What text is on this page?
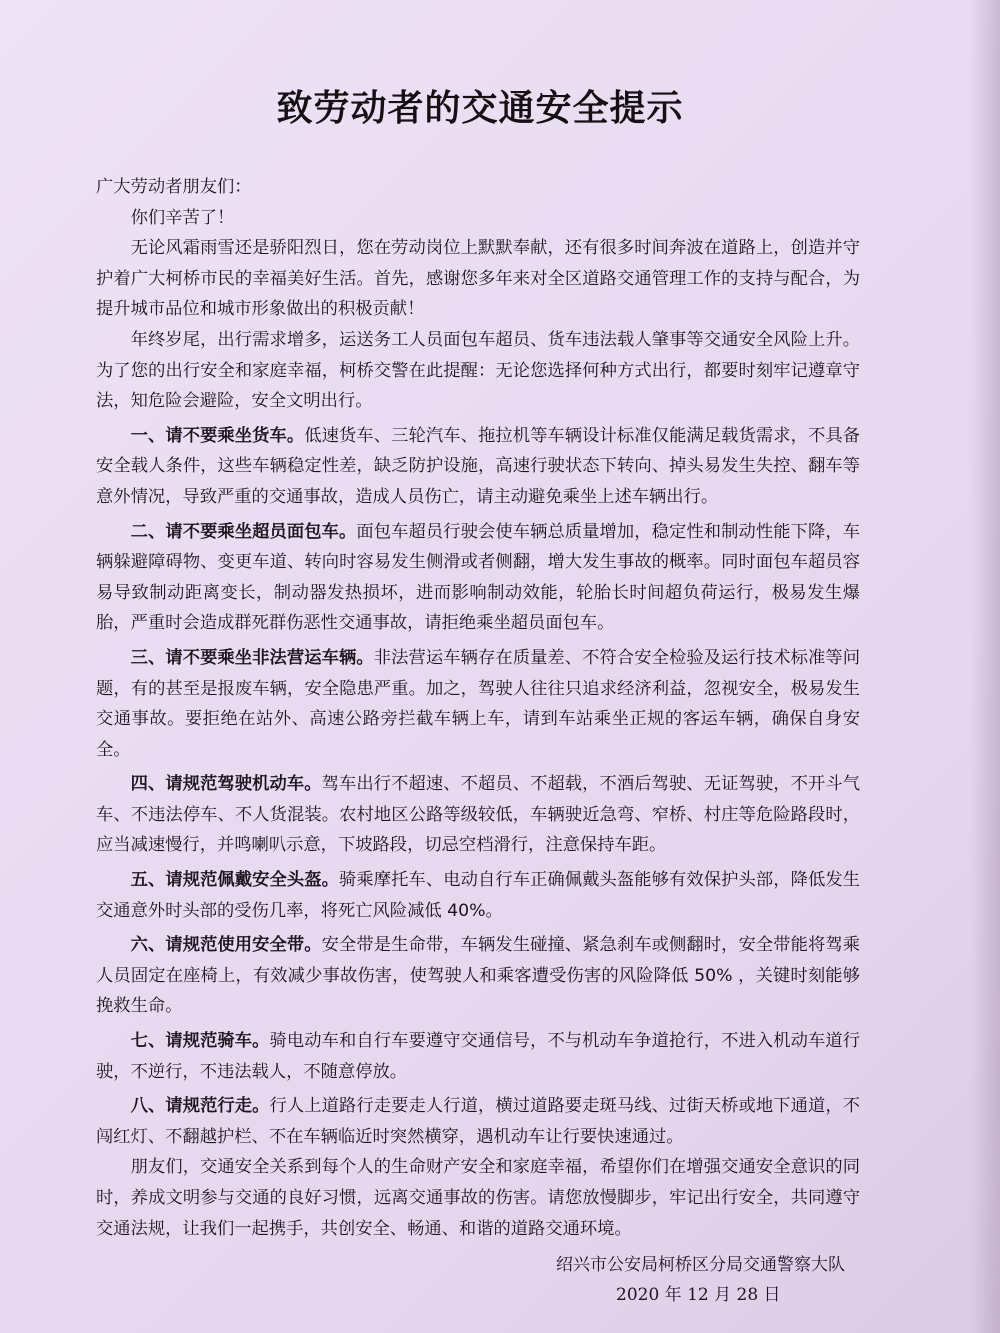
致劳动者的交通安全提示

广大劳动者朋友们：

你们辛苦了！

无论风霜雨雪还是骄阳烈日，您在劳动岗位上默默奉献，还有很多时间奔波在道路上，创造并守护着广大柯桥市民的幸福美好生活。首先，感谢您多年来对全区道路交通管理工作的支持与配合，为提升城市品位和城市形象做出的积极贡献！

年终岁尾，出行需求增多，运送务工人员面包车超员、货车违法载人肇事等交通安全风险上升。为了您的出行安全和家庭幸福，柯桥交警在此提醒：无论您选择何种方式出行，都要时刻牢记遵章守法，知危险会避险，安全文明出行。

一、请不要乘坐货车。低速货车、三轮汽车、拖拉机等车辆设计标准仅能满足载货需求，不具备安全载人条件，这些车辆稳定性差，缺乏防护设施，高速行驶状态下转向、掉头易发生失控、翻车等意外情况，导致严重的交通事故，造成人员伤亡，请主动避免乘坐上述车辆出行。

二、请不要乘坐超员面包车。面包车超员行驶会使车辆总质量增加，稳定性和制动性能下降，车辆躲避障碍物、变更车道、转向时容易发生侧滑或者侧翻，增大发生事故的概率。同时面包车超员容易导致制动距离变长，制动器发热损坏，进而影响制动效能，轮胎长时间超负荷运行，极易发生爆胎，严重时会造成群死群伤恶性交通事故，请拒绝乘坐超员面包车。

三、请不要乘坐非法营运车辆。非法营运车辆存在质量差、不符合安全检验及运行技术标准等问题，有的甚至是报废车辆，安全隐患严重。加之，驾驶人往往只追求经济利益，忽视安全，极易发生交通事故。要拒绝在站外、高速公路旁拦截车辆上车，请到车站乘坐正规的客运车辆，确保自身安全。

四、请规范驾驶机动车。驾车出行不超速、不超员、不超载，不酒后驾驶、无证驾驶，不开斗气车、不违法停车、不人货混装。农村地区公路等级较低，车辆驶近急弯、窄桥、村庄等危险路段时，应当减速慢行，并鸣喇叭示意，下坡路段，切忌空档滑行，注意保持车距。

五、请规范佩戴安全头盔。骑乘摩托车、电动自行车正确佩戴头盔能够有效保护头部，降低发生交通意外时头部的受伤几率，将死亡风险减低 40%。

六、请规范使用安全带。安全带是生命带，车辆发生碰撞、紧急刹车或侧翻时，安全带能将驾乘人员固定在座椅上，有效减少事故伤害，使驾驶人和乘客遭受伤害的风险降低 50% ，关键时刻能够挽救生命。

七、请规范骑车。骑电动车和自行车要遵守交通信号，不与机动车争道抢行，不进入机动车道行驶，不逆行，不违法载人，不随意停放。

八、请规范行走。行人上道路行走要走人行道，横过道路要走斑马线、过街天桥或地下通道，不闯红灯、不翻越护栏、不在车辆临近时突然横穿，遇机动车让行要快速通过。

朋友们，交通安全关系到每个人的生命财产安全和家庭幸福，希望你们在增强交通安全意识的同时，养成文明参与交通的良好习惯，远离交通事故的伤害。请您放慢脚步，牢记出行安全，共同遵守交通法规，让我们一起携手，共创安全、畅通、和谐的道路交通环境。

绍兴市公安局柯桥区分局交通警察大队
2020 年 12 月 28 日
